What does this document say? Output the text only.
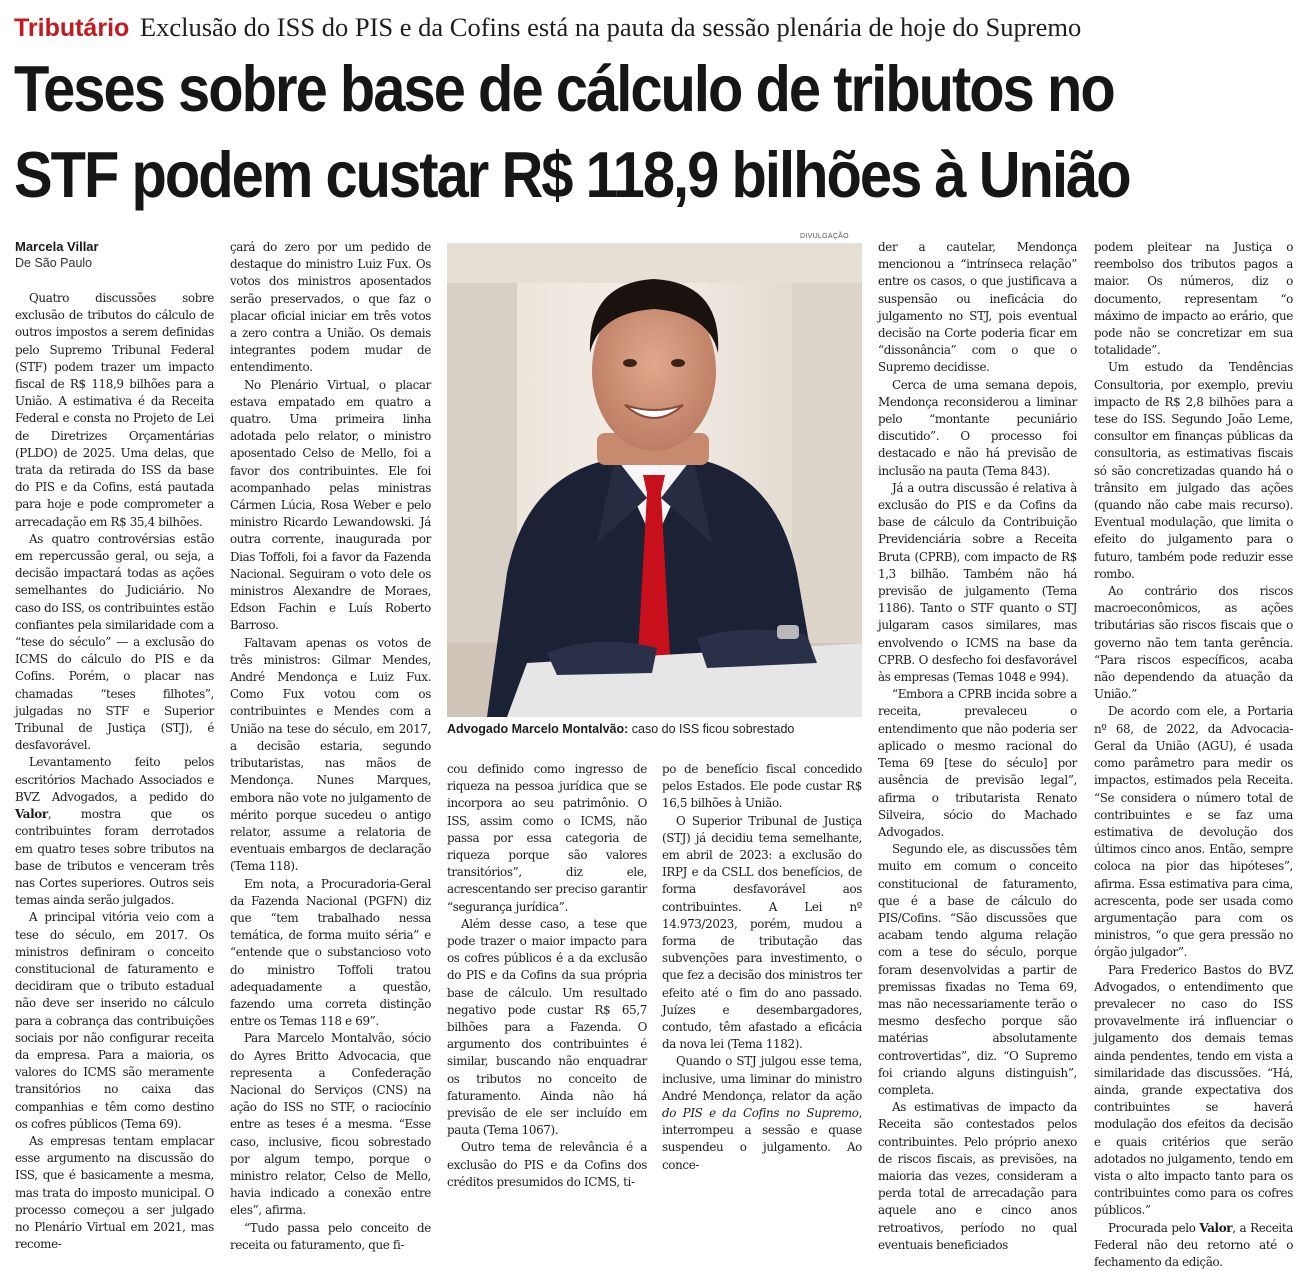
Tributário Exclusão do ISS do PIS e da Cofins está na pauta da sessão plenária de hoje do Supremo
Teses sobre base de cálculo de tributos no
STF podem custar R$ 118,9 bilhões à União
Marcela Villar
De São Paulo

Quatro discussões sobre exclusão de tributos do cálculo de outros impostos a serem definidas pelo Supremo Tribunal Federal (STF) podem trazer um impacto fiscal de R$ 118,9 bilhões para a União. A estimativa é da Receita Federal e consta no Projeto de Lei de Diretrizes Orçamentárias (PLDO) de 2025. Uma delas, que trata da retirada do ISS da base do PIS e da Cofins, está pautada para hoje e pode comprometer a arrecadação em R$ 35,4 bilhões.

As quatro controvérsias estão em repercussão geral, ou seja, a decisão impactará todas as ações semelhantes do Judiciário. No caso do ISS, os contribuintes estão confiantes pela similaridade com a “tese do século” — a exclusão do ICMS do cálculo do PIS e da Cofins. Porém, o placar nas chamadas “teses filhotes”, julgadas no STF e Superior Tribunal de Justiça (STJ), é desfavorável.

Levantamento feito pelos escritórios Machado Associados e BVZ Advogados, a pedido do Valor, mostra que os contribuintes foram derrotados em quatro teses sobre tributos na base de tributos e venceram três nas Cortes superiores. Outros seis temas ainda serão julgados.

A principal vitória veio com a tese do século, em 2017. Os ministros definiram o conceito constitucional de faturamento e decidiram que o tributo estadual não deve ser inserido no cálculo para a cobrança das contribuições sociais por não configurar receita da empresa. Para a maioria, os valores do ICMS são meramente transitórios no caixa das companhias e têm como destino os cofres públicos (Tema 69).

As empresas tentam emplacar esse argumento na discussão do ISS, que é basicamente a mesma, mas trata do imposto municipal. O processo começou a ser julgado no Plenário Virtual em 2021, mas recome-

çará do zero por um pedido de destaque do ministro Luiz Fux. Os votos dos ministros aposentados serão preservados, o que faz o placar oficial iniciar em três votos a zero contra a União. Os demais integrantes podem mudar de entendimento.

No Plenário Virtual, o placar estava empatado em quatro a quatro. Uma primeira linha adotada pelo relator, o ministro aposentado Celso de Mello, foi a favor dos contribuintes. Ele foi acompanhado pelas ministras Cármen Lúcia, Rosa Weber e pelo ministro Ricardo Lewandowski. Já outra corrente, inaugurada por Dias Toffoli, foi a favor da Fazenda Nacional. Seguiram o voto dele os ministros Alexandre de Moraes, Edson Fachin e Luís Roberto Barroso.

Faltavam apenas os votos de três ministros: Gilmar Mendes, André Mendonça e Luiz Fux. Como Fux votou com os contribuintes e Mendes com a União na tese do século, em 2017, a decisão estaria, segundo tributaristas, nas mãos de Mendonça. Nunes Marques, embora não vote no julgamento de mérito porque sucedeu o antigo relator, assume a relatoria de eventuais embargos de declaração (Tema 118).

Em nota, a Procuradoria-Geral da Fazenda Nacional (PGFN) diz que “tem trabalhado nessa temática, de forma muito séria” e “entende que o substancioso voto do ministro Toffoli tratou adequadamente a questão, fazendo uma correta distinção entre os Temas 118 e 69”.

Para Marcelo Montalvão, sócio do Ayres Britto Advocacia, que representa a Confederação Nacional do Serviços (CNS) na ação do ISS no STF, o raciocínio entre as teses é a mesma. “Esse caso, inclusive, ficou sobrestado por algum tempo, porque o ministro relator, Celso de Mello, havia indicado a conexão entre eles”, afirma.

“Tudo passa pelo conceito de receita ou faturamento, que fi-

cou definido como ingresso de riqueza na pessoa jurídica que se incorpora ao seu patrimônio. O ISS, assim como o ICMS, não passa por essa categoria de riqueza porque são valores transitórios”, diz ele, acrescentando ser preciso garantir “segurança jurídica”.

Além desse caso, a tese que pode trazer o maior impacto para os cofres públicos é a da exclusão do PIS e da Cofins da sua própria base de cálculo. Um resultado negativo pode custar R$ 65,7 bilhões para a Fazenda. O argumento dos contribuintes é similar, buscando não enquadrar os tributos no conceito de faturamento. Ainda não há previsão de ele ser incluído em pauta (Tema 1067).

Outro tema de relevância é a exclusão do PIS e da Cofins dos créditos presumidos do ICMS, ti-

po de benefício fiscal concedido pelos Estados. Ele pode custar R$ 16,5 bilhões à União.

O Superior Tribunal de Justiça (STJ) já decidiu tema semelhante, em abril de 2023: a exclusão do IRPJ e da CSLL dos benefícios, de forma desfavorável aos contribuintes. A Lei nº 14.973/2023, porém, mudou a forma de tributação das subvenções para investimento, o que fez a decisão dos ministros ter efeito até o fim do ano passado. Juízes e desembargadores, contudo, têm afastado a eficácia da nova lei (Tema 1182).

Quando o STJ julgou esse tema, inclusive, uma liminar do ministro André Mendonça, relator da ação do PIS e da Cofins no Supremo, interrompeu a sessão e quase suspendeu o julgamento. Ao conce-

der a cautelar, Mendonça mencionou a “intrínseca relação” entre os casos, o que justificava a suspensão ou ineficácia do julgamento no STJ, pois eventual decisão na Corte poderia ficar em “dissonância” com o que o Supremo decidisse.

Cerca de uma semana depois, Mendonça reconsiderou a liminar pelo “montante pecuniário discutido”. O processo foi destacado e não há previsão de inclusão na pauta (Tema 843).

Já a outra discussão é relativa à exclusão do PIS e da Cofins da base de cálculo da Contribuição Previdenciária sobre a Receita Bruta (CPRB), com impacto de R$ 1,3 bilhão. Também não há previsão de julgamento (Tema 1186). Tanto o STF quanto o STJ julgaram casos similares, mas envolvendo o ICMS na base da CPRB. O desfecho foi desfavorável às empresas (Temas 1048 e 994).

“Embora a CPRB incida sobre a receita, prevaleceu o entendimento que não poderia ser aplicado o mesmo racional do Tema 69 [tese do século] por ausência de previsão legal”, afirma o tributarista Renato Silveira, sócio do Machado Advogados.

Segundo ele, as discussões têm muito em comum o conceito constitucional de faturamento, que é a base de cálculo do PIS/Cofins. “São discussões que acabam tendo alguma relação com a tese do século, porque foram desenvolvidas a partir de premissas fixadas no Tema 69, mas não necessariamente terão o mesmo desfecho porque são matérias absolutamente controvertidas”, diz. “O Supremo foi criando alguns distinguish”, completa.

As estimativas de impacto da Receita são contestados pelos contribuintes. Pelo próprio anexo de riscos fiscais, as previsões, na maioria das vezes, consideram a perda total de arrecadação para aquele ano e cinco anos retroativos, período no qual eventuais beneficiados

podem pleitear na Justiça o reembolso dos tributos pagos a maior. Os números, diz o documento, representam “o máximo de impacto ao erário, que pode não se concretizar em sua totalidade”.

Um estudo da Tendências Consultoria, por exemplo, previu impacto de R$ 2,8 bilhões para a tese do ISS. Segundo João Leme, consultor em finanças públicas da consultoria, as estimativas fiscais só são concretizadas quando há o trânsito em julgado das ações (quando não cabe mais recurso). Eventual modulação, que limita o efeito do julgamento para o futuro, também pode reduzir esse rombo.

Ao contrário dos riscos macroeconômicos, as ações tributárias são riscos fiscais que o governo não tem tanta gerência. “Para riscos específicos, acaba não dependendo da atuação da União.”

De acordo com ele, a Portaria nº 68, de 2022, da Advocacia-Geral da União (AGU), é usada como parâmetro para medir os impactos, estimados pela Receita. “Se considera o número total de contribuintes e se faz uma estimativa de devolução dos últimos cinco anos. Então, sempre coloca na pior das hipóteses”, afirma. Essa estimativa para cima, acrescenta, pode ser usada como argumentação para com os ministros, “o que gera pressão no órgão julgador”.

Para Frederico Bastos do BVZ Advogados, o entendimento que prevalecer no caso do ISS provavelmente irá influenciar o julgamento dos demais temas ainda pendentes, tendo em vista a similaridade das discussões. “Há, ainda, grande expectativa dos contribuintes se haverá modulação dos efeitos da decisão e quais critérios que serão adotados no julgamento, tendo em vista o alto impacto tanto para os contribuintes como para os cofres públicos.”

Procurada pelo Valor, a Receita Federal não deu retorno até o fechamento da edição.

DIVULGAÇÃO
Advogado Marcelo Montalvão: caso do ISS ficou sobrestado
